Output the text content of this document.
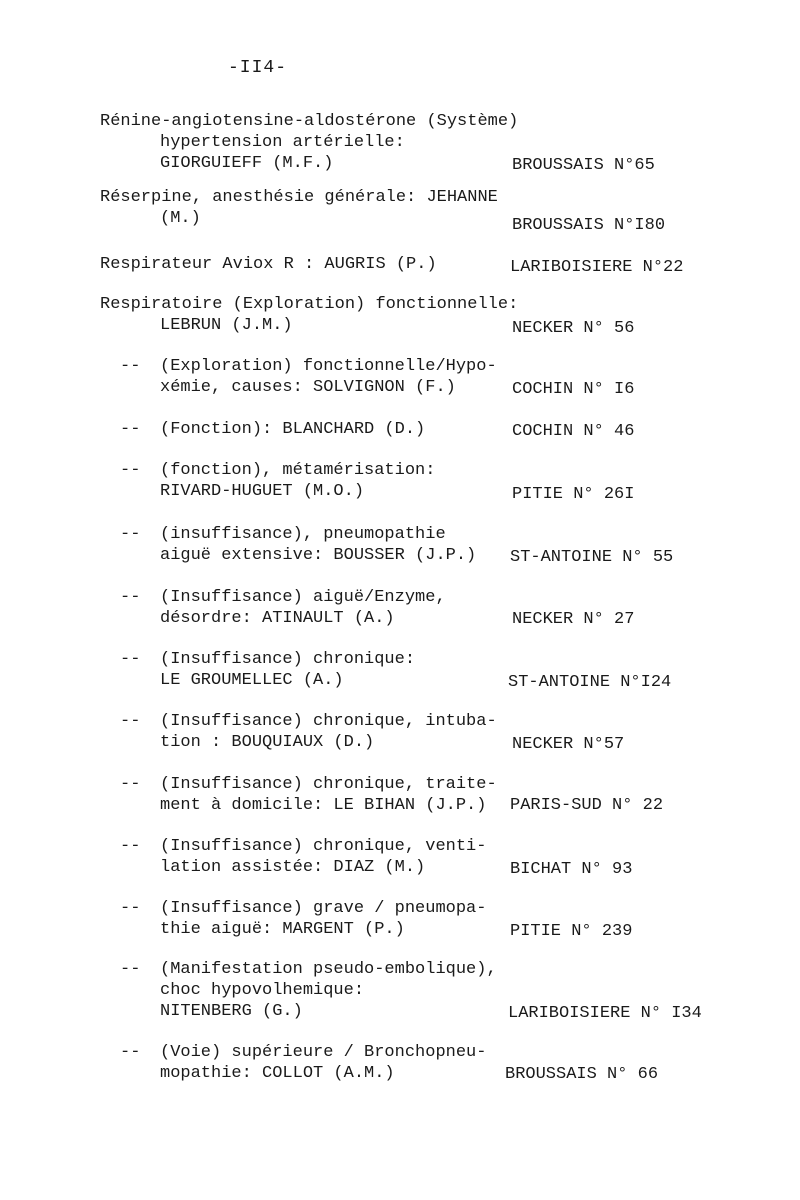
-II4-
Rénine-angiotensine-aldostérone (Système)
hypertension artérielle:
GIORGUIEFF (M.F.)	BROUSSAIS N°65
Réserpine, anesthésie générale: JEHANNE
(M.)	BROUSSAIS N°I80
Respirateur Aviox R : AUGRIS (P.)	LARIBOISIERE N°22
Respiratoire (Exploration) fonctionnelle:
LEBRUN (J.M.)	NECKER N° 56
-- (Exploration) fonctionnelle/Hypo-
xémie, causes: SOLVIGNON (F.)	COCHIN N° I6
-- (Fonction): BLANCHARD (D.)	COCHIN N° 46
-- (fonction), métamérisation:
RIVARD-HUGUET (M.O.)	PITIE N° 26I
-- (insuffisance), pneumopathie
aiguë extensive: BOUSSER (J.P.) ST-ANTOINE N° 55
-- (Insuffisance) aiguë/Enzyme,
désordre: ATINAULT (A.)	NECKER N° 27
-- (Insuffisance) chronique:
LE GROUMELLEC (A.)	ST-ANTOINE N°I24
-- (Insuffisance) chronique, intuba-
tion : BOUQUIAUX (D.)	NECKER N°57
-- (Insuffisance) chronique, traite-
ment à domicile: LE BIHAN (J.P.) PARIS-SUD N° 22
-- (Insuffisance) chronique, venti-
lation assistée: DIAZ (M.)	BICHAT N° 93
-- (Insuffisance) grave / pneumopa-
thie aiguë: MARGENT (P.)	PITIE N° 239
-- (Manifestation pseudo-embolique),
choc hypovolhemique:
NITENBERG (G.)	LARIBOISIERE N° I34
-- (Voie) supérieure / Bronchopneu-
mopathie: COLLOT (A.M.)	BROUSSAIS N° 66
